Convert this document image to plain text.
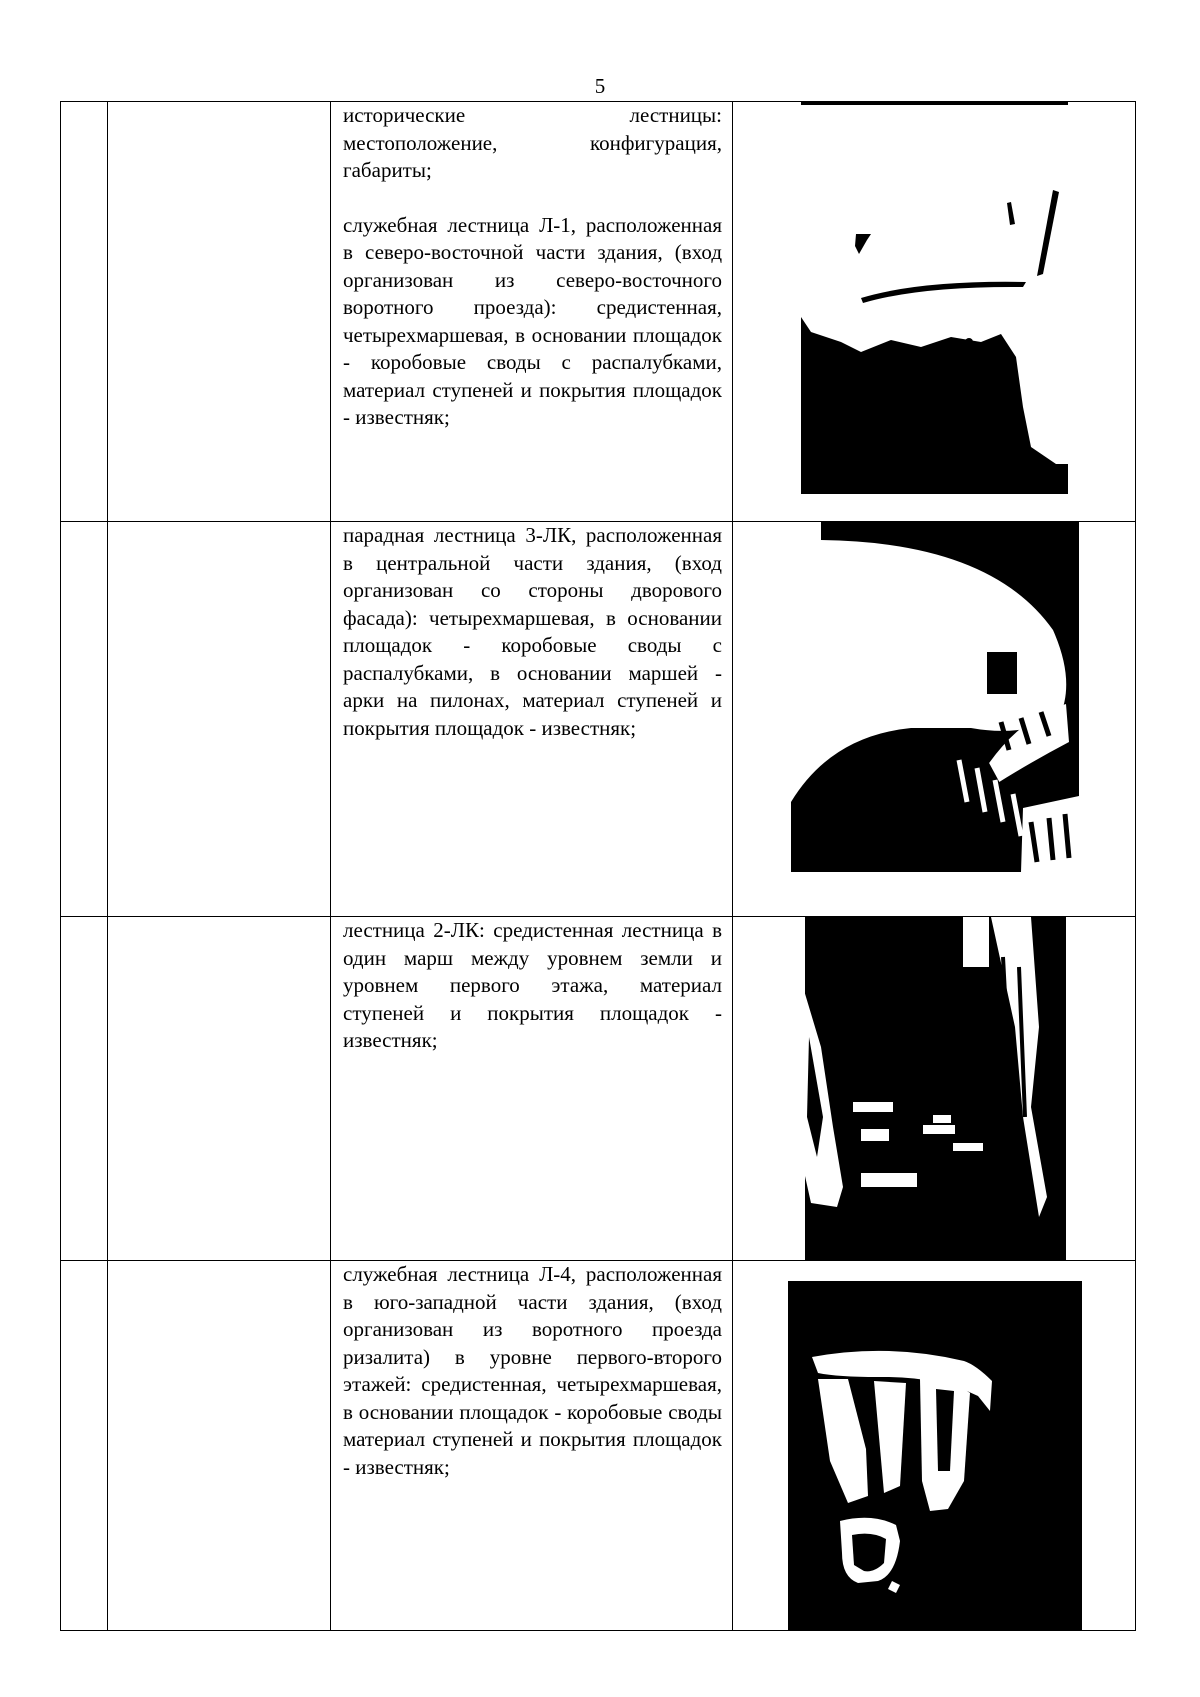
5

		исторические лестницы: местоположение, конфигурация, габариты;

служебная лестница Л-1, расположенная в северо-восточной части здания, (вход организован из северо-восточного воротного проезда): средистенная, четырехмаршевая, в основании площадок - коробовые своды с распалубками, материал ступеней и покрытия площадок - известняк;

		парадная лестница 3-ЛК, расположенная в центральной части здания, (вход организован со стороны дворового фасада): четырехмаршевая, в основании площадок - коробовые своды с распалубками, в основании маршей - арки на пилонах, материал ступеней и покрытия площадок - известняк;

		лестница 2-ЛК: средистенная лестница в один марш между уровнем земли и уровнем первого этажа, материал ступеней и покрытия площадок - известняк;

		служебная лестница Л-4, расположенная в юго-западной части здания, (вход организован из воротного проезда ризалита) в уровне первого-второго этажей: средистенная, четырехмаршевая, в основании площадок - коробовые своды материал ступеней и покрытия площадок - известняк;
